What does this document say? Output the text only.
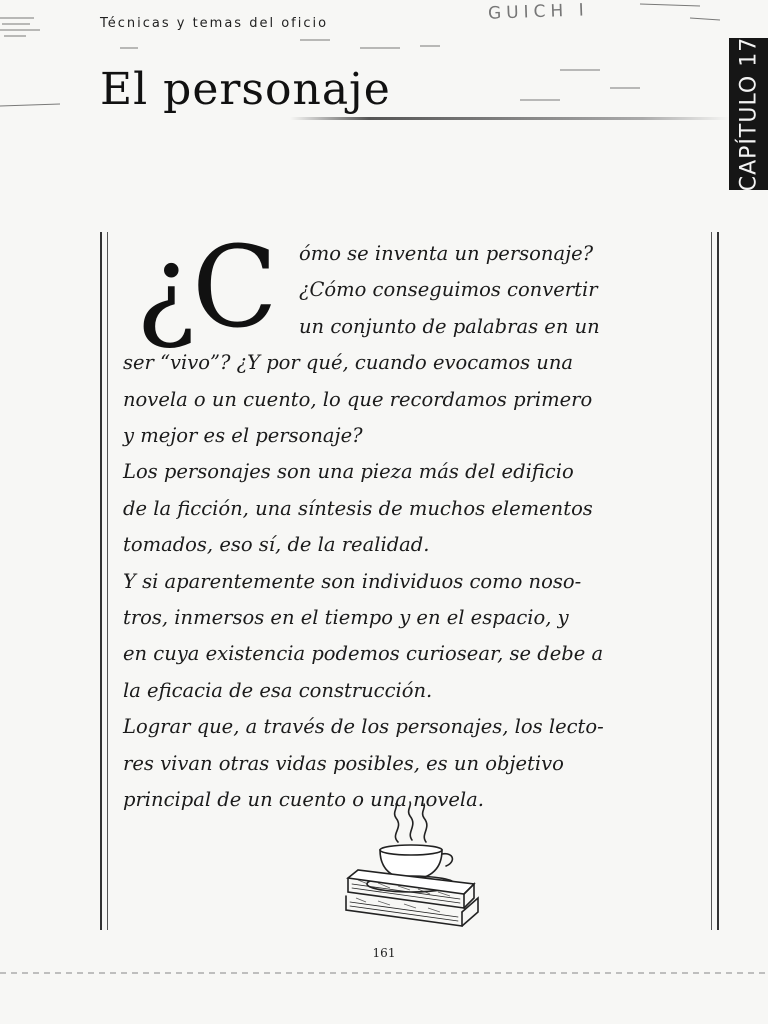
Técnicas y temas del oficio	GUICH I
El personaje	CAPÍTULO 17
¿C	ómo se inventa un personaje?
¿Cómo conseguimos convertir
un conjunto de palabras en un
ser “vivo”? ¿Y por qué, cuando evocamos una
novela o un cuento, lo que recordamos primero
y mejor es el personaje?
Los personajes son una pieza más del edificio
de la ficción, una síntesis de muchos elementos
tomados, eso sí, de la realidad.
Y si aparentemente son individuos como noso-
tros, inmersos en el tiempo y en el espacio, y
en cuya existencia podemos curiosear, se debe a
la eficacia de esa construcción.
Lograr que, a través de los personajes, los lecto-
res vivan otras vidas posibles, es un objetivo
principal de un cuento o una novela.
161
